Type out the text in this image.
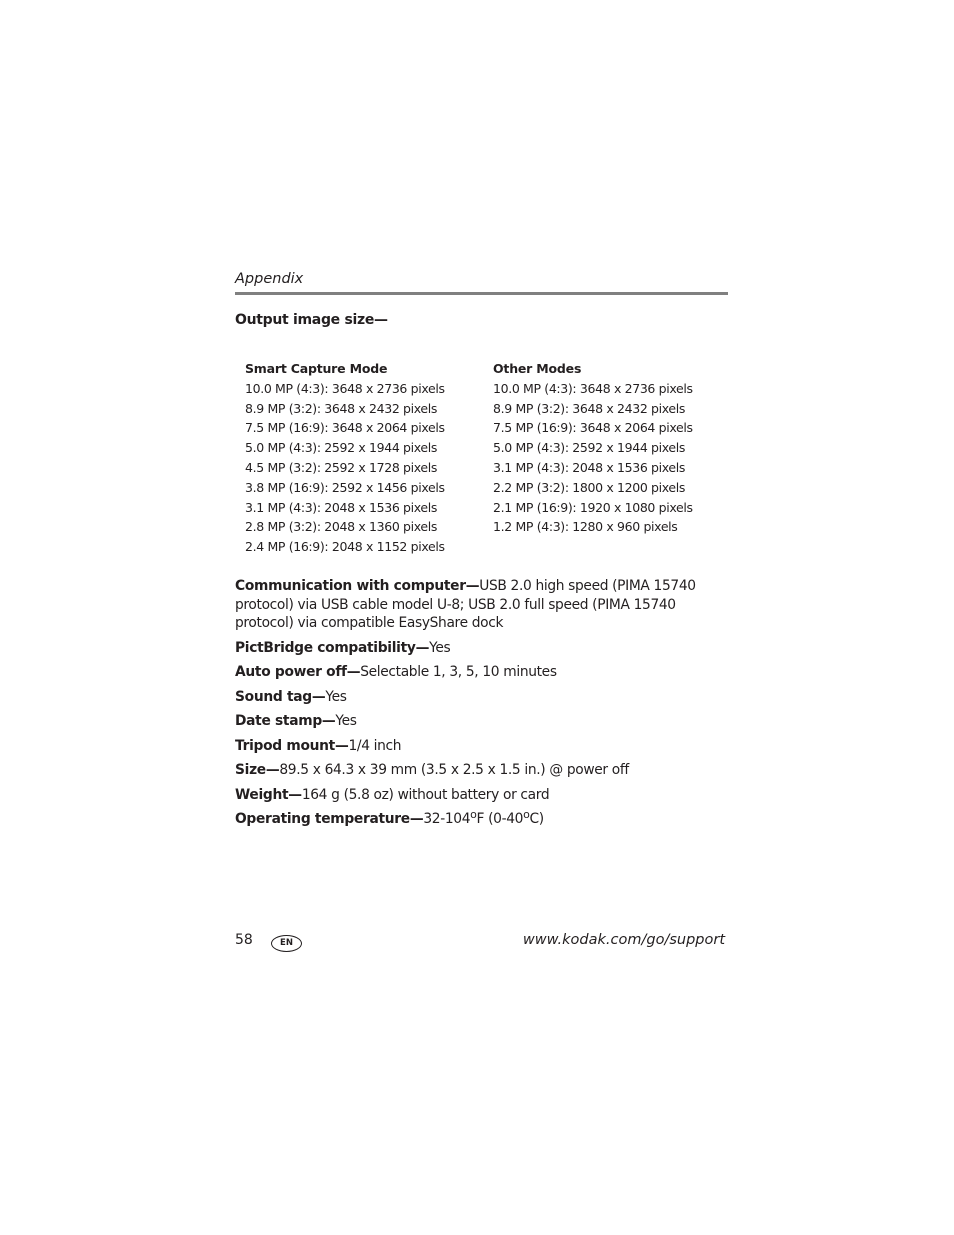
Appendix
Output image size—
Smart Capture Mode
10.0 MP (4:3): 3648 x 2736 pixels
8.9 MP (3:2): 3648 x 2432 pixels
7.5 MP (16:9): 3648 x 2064 pixels
5.0 MP (4:3): 2592 x 1944 pixels
4.5 MP (3:2): 2592 x 1728 pixels
3.8 MP (16:9): 2592 x 1456 pixels
3.1 MP (4:3): 2048 x 1536 pixels
2.8 MP (3:2): 2048 x 1360 pixels
2.4 MP (16:9): 2048 x 1152 pixels
Other Modes
10.0 MP (4:3): 3648 x 2736 pixels
8.9 MP (3:2): 3648 x 2432 pixels
7.5 MP (16:9): 3648 x 2064 pixels
5.0 MP (4:3): 2592 x 1944 pixels
3.1 MP (4:3): 2048 x 1536 pixels
2.2 MP (3:2): 1800 x 1200 pixels
2.1 MP (16:9): 1920 x 1080 pixels
1.2 MP (4:3): 1280 x 960 pixels
Communication with computer—USB 2.0 high speed (PIMA 15740 protocol) via USB cable model U-8; USB 2.0 full speed (PIMA 15740 protocol) via compatible EasyShare dock
PictBridge compatibility—Yes
Auto power off—Selectable 1, 3, 5, 10 minutes
Sound tag—Yes
Date stamp—Yes
Tripod mount—1/4 inch
Size—89.5 x 64.3 x 39 mm (3.5 x 2.5 x 1.5 in.) @ power off
Weight—164 g (5.8 oz) without battery or card
Operating temperature—32-104$^o$F (0-40$^o$C)
58	EN	www.kodak.com/go/support
